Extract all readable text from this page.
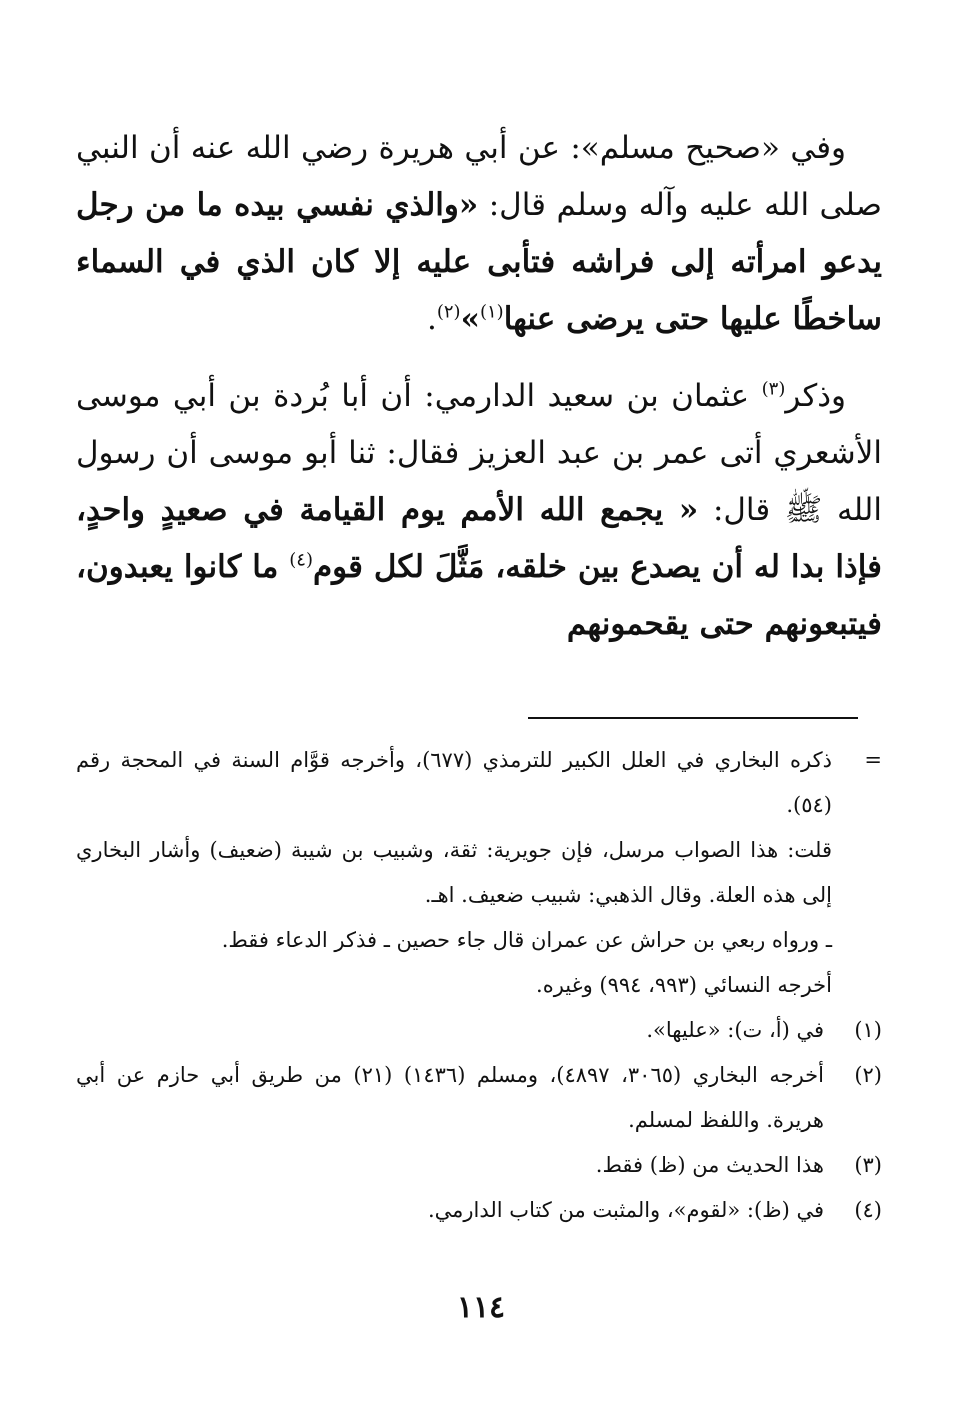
وفي «صحيح مسلم»: عن أبي هريرة رضي الله عنه أن النبي صلى الله عليه وآله وسلم قال: «والذي نفسي بيده ما من رجل يدعو امرأته إلى فراشه فتأبى عليه إلا كان الذي في السماء ساخطًا عليها حتى يرضى عنها$^{(١)}$»$^{(٢)}$.

وذكر$^{(٣)}$ عثمان بن سعيد الدارمي: أن أبا بُردة بن أبي موسى الأشعري أتى عمر بن عبد العزيز فقال: ثنا أبو موسى أن رسول الله ﷺ قال: « يجمع الله الأمم يوم القيامة في صعيدٍ واحدٍ، فإذا بدا له أن يصدع بين خلقه، مَثَّلَ لكل قوم$^{(٤)}$ ما كانوا يعبدون، فيتبعونهم حتى يقحمونهم

=
ذكره البخاري في العلل الكبير للترمذي (٦٧٧)، وأخرجه قوَّام السنة في المحجة رقم (٥٤).
قلت: هذا الصواب مرسل، فإن جويرية: ثقة، وشبيب بن شيبة (ضعيف) وأشار البخاري إلى هذه العلة. وقال الذهبي: شبيب ضعيف. اهـ.
ـ ورواه ربعي بن حراش عن عمران قال جاء حصين ـ فذكر الدعاء فقط.
أخرجه النسائي (٩٩٣، ٩٩٤) وغيره.
(١)
في (أ، ت): «عليها».
(٢)
أخرجه البخاري (٣٠٦٥، ٤٨٩٧)، ومسلم (١٤٣٦) (٢١) من طريق أبي حازم عن أبي هريرة. واللفظ لمسلم.
(٣)
هذا الحديث من (ظ) فقط.
(٤)
في (ظ): «لقوم»، والمثبت من كتاب الدارمي.
١١٤
